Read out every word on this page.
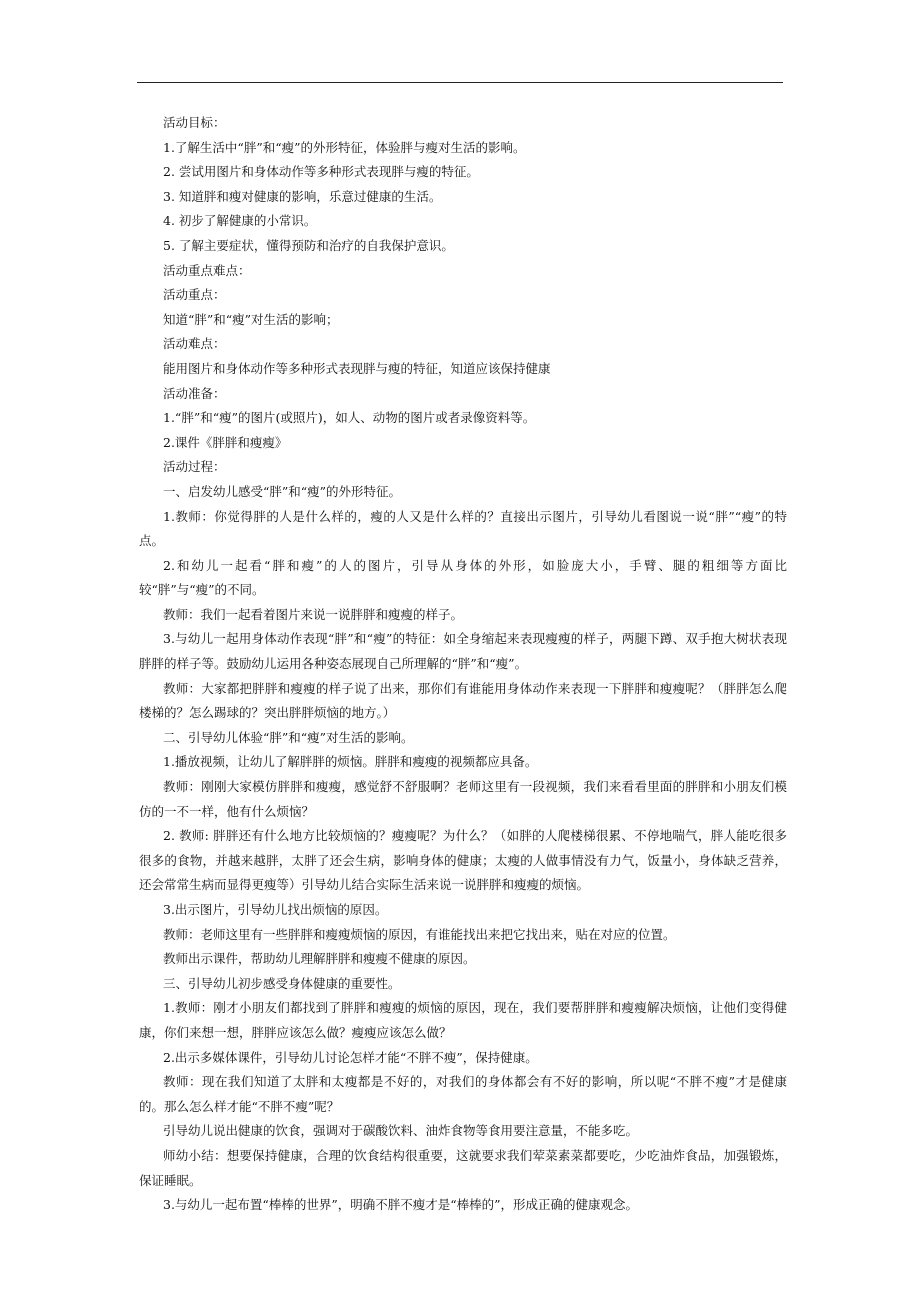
活动目标：

1.了解生活中“胖”和“瘦”的外形特征，体验胖与瘦对生活的影响。

2. 尝试用图片和身体动作等多种形式表现胖与瘦的特征。

3. 知道胖和瘦对健康的影响，乐意过健康的生活。

4. 初步了解健康的小常识。

5. 了解主要症状，懂得预防和治疗的自我保护意识。

活动重点难点：

活动重点：

知道“胖”和“瘦”对生活的影响；

活动难点：

能用图片和身体动作等多种形式表现胖与瘦的特征，知道应该保持健康

活动准备：

1.“胖”和“瘦”的图片(或照片)，如人、动物的图片或者录像资料等。

2.课件《胖胖和瘦瘦》

活动过程：

一、启发幼儿感受“胖”和“瘦”的外形特征。

1.教师：你觉得胖的人是什么样的，瘦的人又是什么样的？直接出示图片，引导幼儿看图说一说“胖”“瘦”的特点。

2.和幼儿一起看“胖和瘦”的人的图片，引导从身体的外形，如脸庞大小，手臂、腿的粗细等方面比较“胖”与“瘦”的不同。

教师：我们一起看着图片来说一说胖胖和瘦瘦的样子。

3.与幼儿一起用身体动作表现“胖”和“瘦”的特征：如全身缩起来表现瘦瘦的样子，两腿下蹲、双手抱大树状表现胖胖的样子等。鼓励幼儿运用各种姿态展现自己所理解的“胖”和“瘦”。

教师：大家都把胖胖和瘦瘦的样子说了出来，那你们有谁能用身体动作来表现一下胖胖和瘦瘦呢？（胖胖怎么爬楼梯的？怎么踢球的？突出胖胖烦恼的地方。）

二、引导幼儿体验“胖”和“瘦”对生活的影响。

1.播放视频，让幼儿了解胖胖的烦恼。胖胖和瘦瘦的视频都应具备。

教师：刚刚大家模仿胖胖和瘦瘦，感觉舒不舒服啊？老师这里有一段视频，我们来看看里面的胖胖和小朋友们模仿的一不一样，他有什么烦恼？

2. 教师: 胖胖还有什么地方比较烦恼的？瘦瘦呢？为什么？（如胖的人爬楼梯很累、不停地喘气，胖人能吃很多很多的食物，并越来越胖，太胖了还会生病，影响身体的健康；太瘦的人做事情没有力气，饭量小，身体缺乏营养，还会常常生病而显得更瘦等）引导幼儿结合实际生活来说一说胖胖和瘦瘦的烦恼。

3.出示图片，引导幼儿找出烦恼的原因。

教师：老师这里有一些胖胖和瘦瘦烦恼的原因，有谁能找出来把它找出来，贴在对应的位置。

教师出示课件，帮助幼儿理解胖胖和瘦瘦不健康的原因。

三、引导幼儿初步感受身体健康的重要性。

1.教师：刚才小朋友们都找到了胖胖和瘦瘦的烦恼的原因，现在，我们要帮胖胖和瘦瘦解决烦恼，让他们变得健康，你们来想一想，胖胖应该怎么做？瘦瘦应该怎么做？

2.出示多媒体课件，引导幼儿讨论怎样才能“不胖不瘦”，保持健康。

教师：现在我们知道了太胖和太瘦都是不好的，对我们的身体都会有不好的影响，所以呢“不胖不瘦”才是健康的。那么怎么样才能“不胖不瘦”呢？

引导幼儿说出健康的饮食，强调对于碳酸饮料、油炸食物等食用要注意量，不能多吃。

师幼小结：想要保持健康，合理的饮食结构很重要，这就要求我们荤菜素菜都要吃，少吃油炸食品，加强锻炼，保证睡眠。

3.与幼儿一起布置“棒棒的世界”，明确不胖不瘦才是“棒棒的”，形成正确的健康观念。
